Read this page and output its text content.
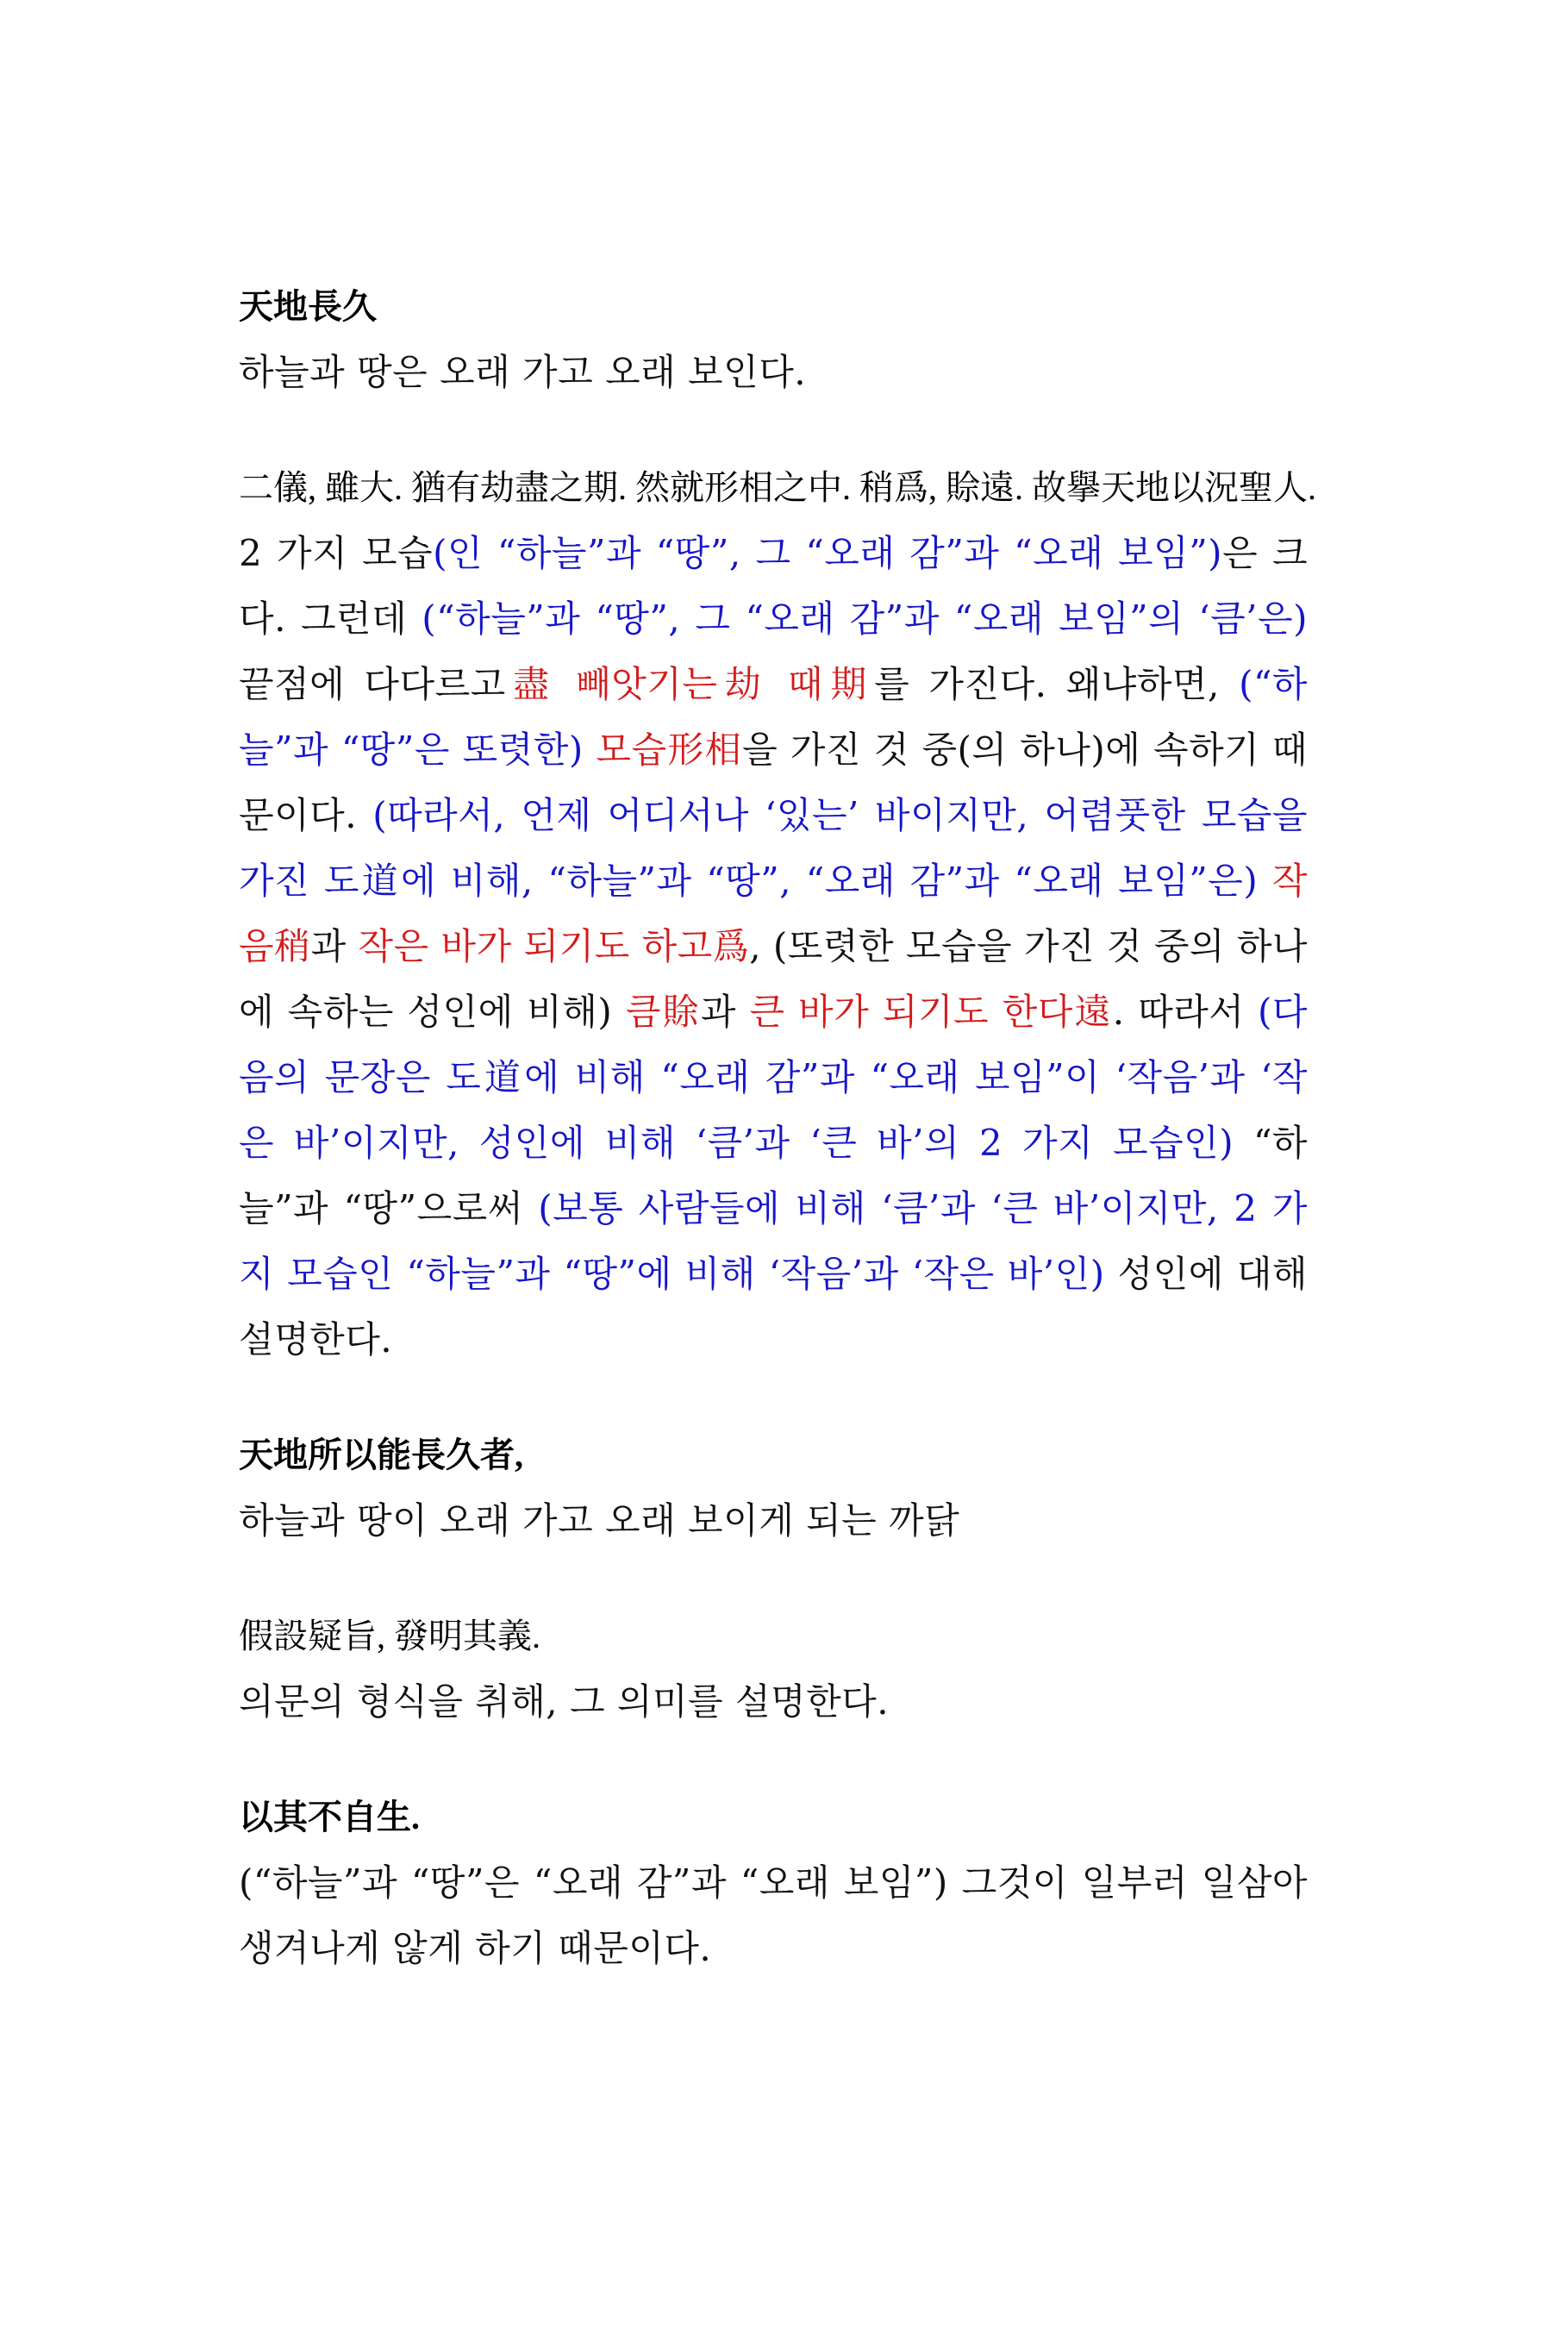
天地長久

하늘과 땅은 오래 가고 오래 보인다.

二儀, 雖大. 猶有劫盡之期. 然就形相之中. 稍爲, 賒遠. 故擧天地以況聖人.

2 가지 모습(인 “하늘”과 “땅”, 그 “오래 감”과 “오래 보임”)은 크다. 그런데 (“하늘”과 “땅”, 그 “오래 감”과 “오래 보임”의 ‘큼’은) 끝점에 다다르고盡 빼앗기는劫 때期를 가진다. 왜냐하면, (“하늘”과 “땅”은 또렷한) 모습形相을 가진 것 중(의 하나)에 속하기 때문이다. (따라서, 언제 어디서나 ‘있는’ 바이지만, 어렴풋한 모습을 가진 도道에 비해, “하늘”과 “땅”, “오래 감”과 “오래 보임”은) 작음稍과 작은 바가 되기도 하고爲, (또렷한 모습을 가진 것 중의 하나에 속하는 성인에 비해) 큼賖과 큰 바가 되기도 한다遠. 따라서 (다음의 문장은 도道에 비해 “오래 감”과 “오래 보임”이 ‘작음’과 ‘작은 바’이지만, 성인에 비해 ‘큼’과 ‘큰 바’의 2 가지 모습인) “하늘”과 “땅”으로써 (보통 사람들에 비해 ‘큼’과 ‘큰 바’이지만, 2 가지 모습인 “하늘”과 “땅”에 비해 ‘작음’과 ‘작은 바’인) 성인에 대해 설명한다.

天地所以能長久者,

하늘과 땅이 오래 가고 오래 보이게 되는 까닭

假設疑旨, 發明其義.

의문의 형식을 취해, 그 의미를 설명한다.

以其不自生.

(“하늘”과 “땅”은 “오래 감”과 “오래 보임”) 그것이 일부러 일삼아 생겨나게 않게 하기 때문이다.
